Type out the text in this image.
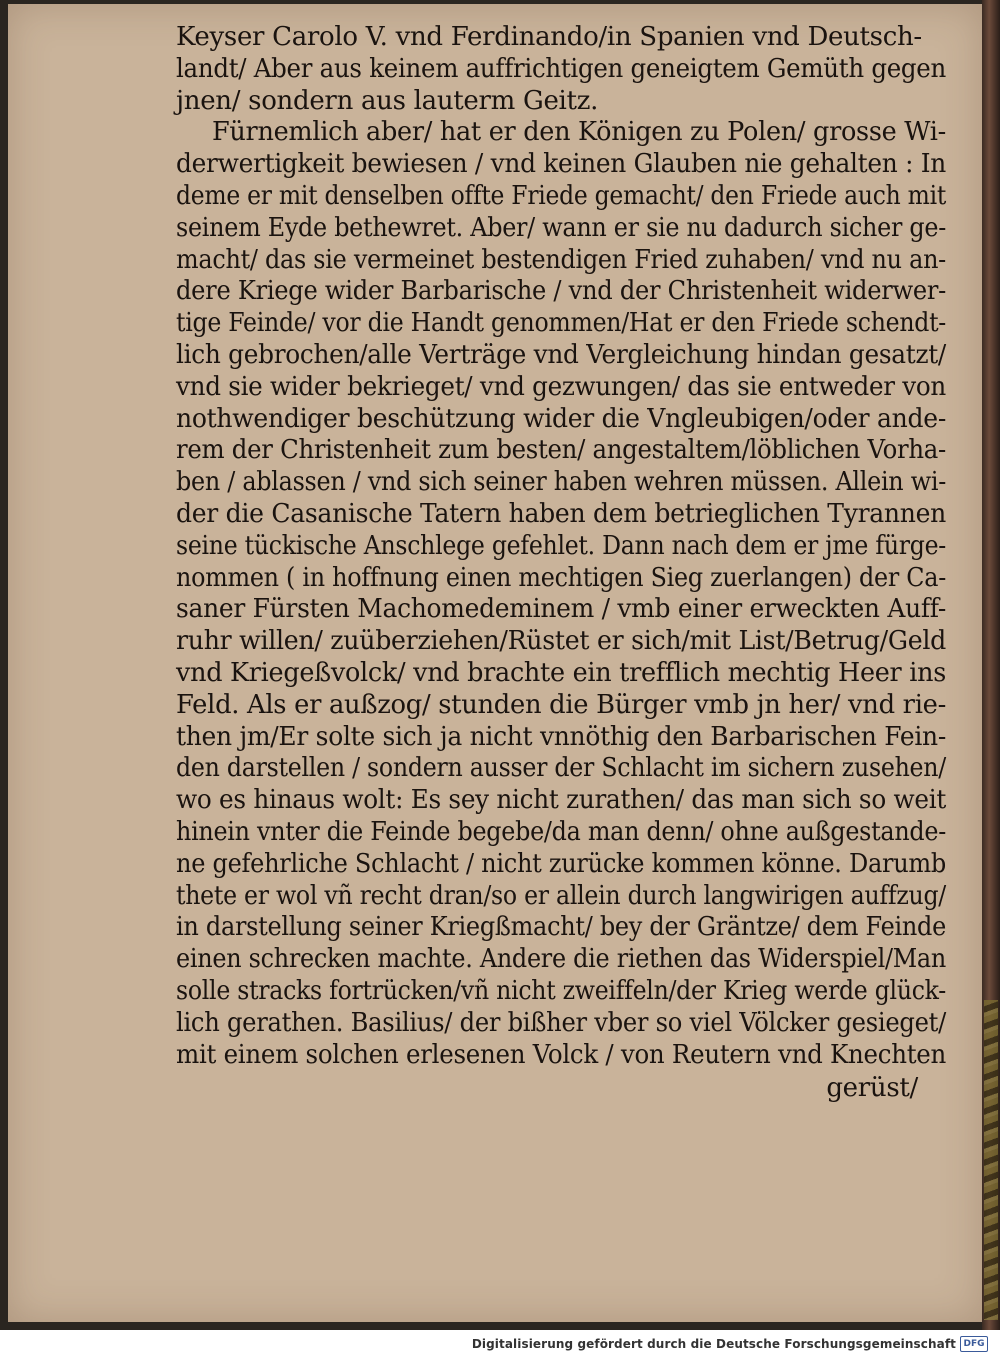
Keyser Carolo V. vnd Ferdinando/in Spanien vnd Deutsch-
landt/ Aber aus keinem auffrichtigen geneigtem Gemüth gegen
jnen/ sondern aus lauterm Geitz.
Fürnemlich aber/ hat er den Königen zu Polen/ grosse Wi-
derwertigkeit bewiesen / vnd keinen Glauben nie gehalten : In
deme er mit denselben offte Friede gemacht/ den Friede auch mit
seinem Eyde bethewret. Aber/ wann er sie nu dadurch sicher ge-
macht/ das sie vermeinet bestendigen Fried zuhaben/ vnd nu an-
dere Kriege wider Barbarische / vnd der Christenheit widerwer-
tige Feinde/ vor die Handt genommen/Hat er den Friede schendt-
lich gebrochen/alle Verträge vnd Vergleichung hindan gesatzt/
vnd sie wider bekrieget/ vnd gezwungen/ das sie entweder von
nothwendiger beschützung wider die Vngleubigen/oder ande-
rem der Christenheit zum besten/ angestaltem/löblichen Vorha-
ben / ablassen / vnd sich seiner haben wehren müssen. Allein wi-
der die Casanische Tatern haben dem betrieglichen Tyrannen
seine tückische Anschlege gefehlet. Dann nach dem er jme fürge-
nommen ( in hoffnung einen mechtigen Sieg zuerlangen) der Ca-
saner Fürsten Machomedeminem / vmb einer erweckten Auff-
ruhr willen/ zuüberziehen/Rüstet er sich/mit List/Betrug/Geld
vnd Kriegeßvolck/ vnd brachte ein trefflich mechtig Heer ins
Feld. Als er außzog/ stunden die Bürger vmb jn her/ vnd rie-
then jm/Er solte sich ja nicht vnnöthig den Barbarischen Fein-
den darstellen / sondern ausser der Schlacht im sichern zusehen/
wo es hinaus wolt: Es sey nicht zurathen/ das man sich so weit
hinein vnter die Feinde begebe/da man denn/ ohne außgestande-
ne gefehrliche Schlacht / nicht zurücke kommen könne. Darumb
thete er wol vñ recht dran/so er allein durch langwirigen auffzug/
in darstellung seiner Kriegßmacht/ bey der Gräntze/ dem Feinde
einen schrecken machte. Andere die riethen das Widerspiel/Man
solle stracks fortrücken/vñ nicht zweiffeln/der Krieg werde glück-
lich gerathen. Basilius/ der bißher vber so viel Völcker gesieget/
mit einem solchen erlesenen Volck / von Reutern vnd Knechten
gerüst/
Digitalisierung gefördert durch die Deutsche Forschungsgemeinschaft DFG
